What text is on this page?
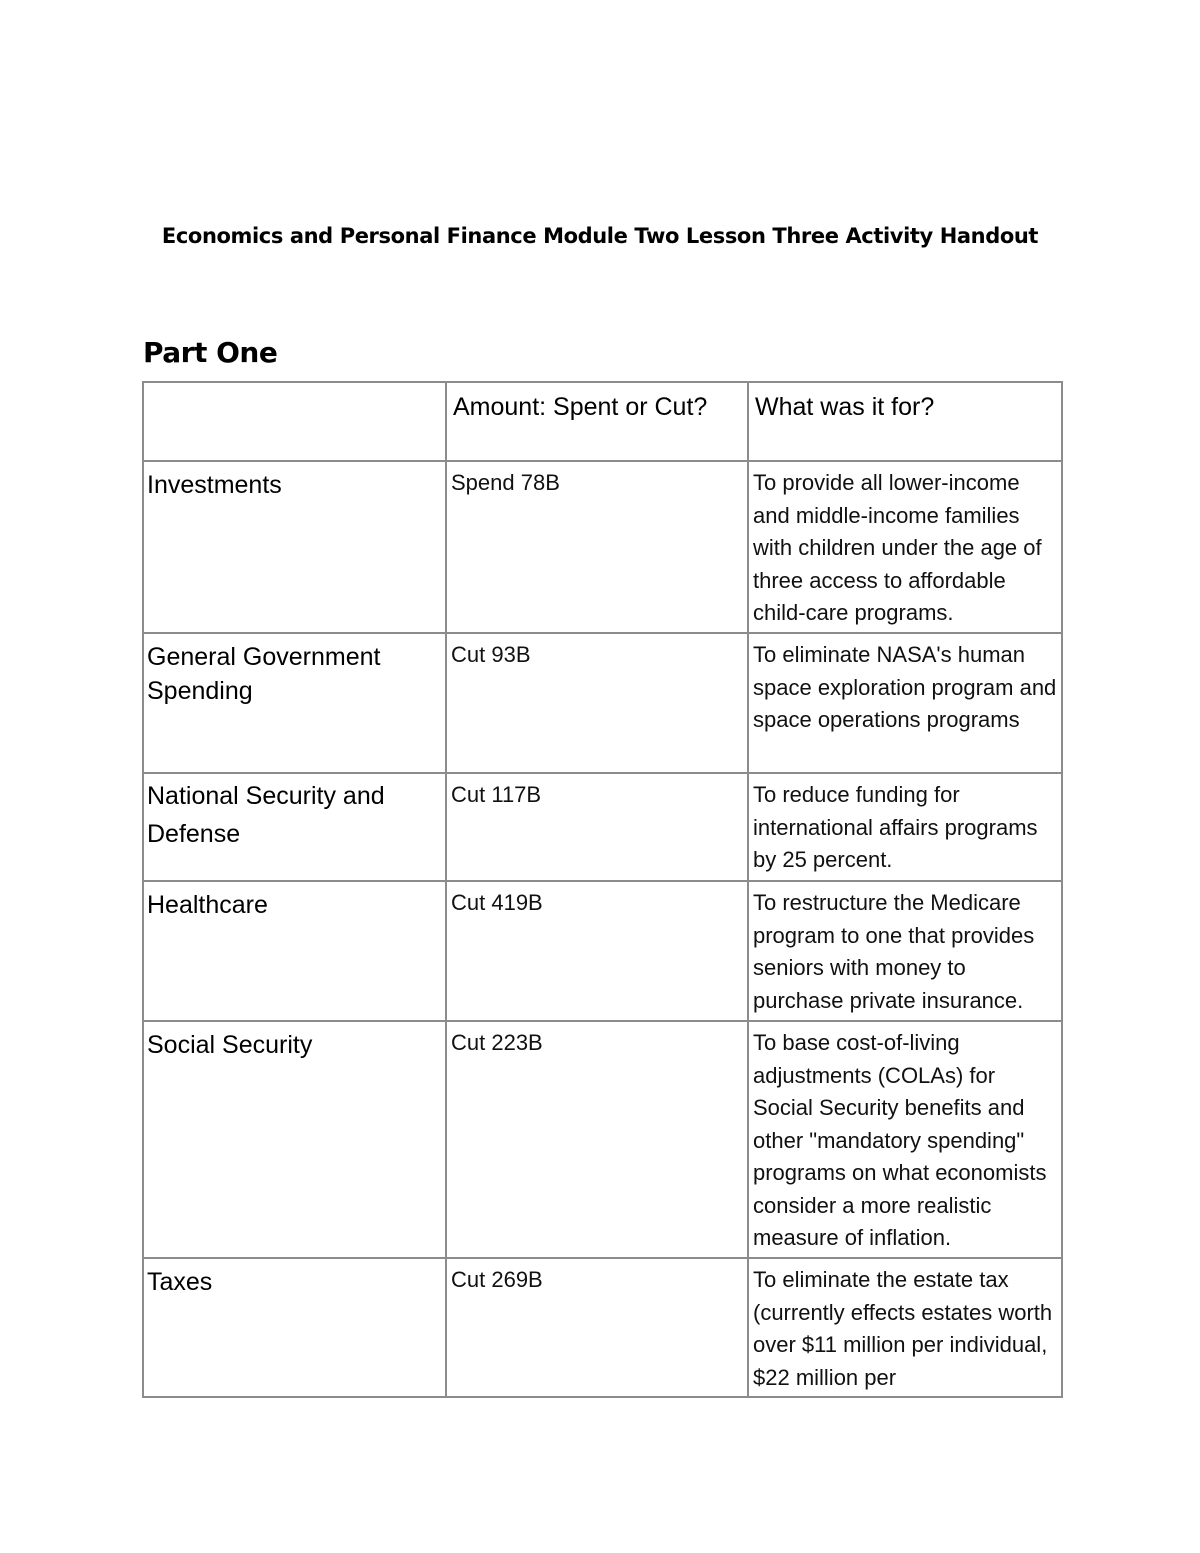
Economics and Personal Finance Module Two Lesson Three Activity Handout
Part One

	Amount: Spent or Cut?	What was it for?

Investments	Spend 78B	To provide all lower-income and middle-income families with children under the age of three access to affordable child-care programs.

General Government Spending	Cut 93B	To eliminate NASA's human space exploration program and space operations programs

National Security and Defense	Cut 117B	To reduce funding for international affairs programs by 25 percent.

Healthcare	Cut 419B	To restructure the Medicare program to one that provides seniors with money to purchase private insurance.

Social Security	Cut 223B	To base cost-of-living adjustments (COLAs) for Social Security benefits and other "mandatory spending" programs on what economists consider a more realistic measure of inflation.

Taxes	Cut 269B	To eliminate the estate tax (currently effects estates worth over $11 million per individual, $22 million per
